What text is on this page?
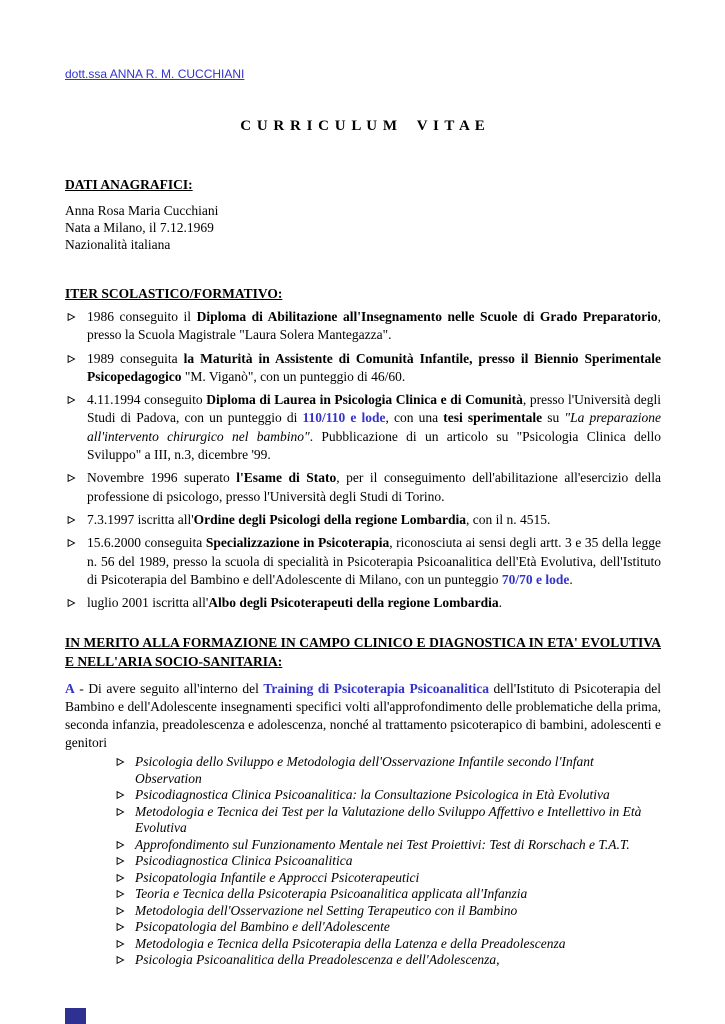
dott.ssa ANNA R. M. CUCCHIANI
C U R R I C U L U M    V I T A E
DATI ANAGRAFICI:

Anna Rosa Maria Cucchiani

Nata a Milano, il 7.12.1969

Nazionalità italiana

ITER SCOLASTICO/FORMATIVO:
1986 conseguito il Diploma di Abilitazione all'Insegnamento nelle Scuole di Grado Preparatorio, presso la Scuola Magistrale "Laura Solera Mantegazza".
1989 conseguita la Maturità in Assistente di Comunità Infantile, presso il Biennio Sperimentale Psicopedagogico "M. Viganò", con un punteggio di 46/60.
4.11.1994 conseguito Diploma di Laurea in Psicologia Clinica e di Comunità, presso l'Università degli Studi di Padova, con un punteggio di 110/110 e lode, con una tesi sperimentale su "La preparazione all'intervento chirurgico nel bambino". Pubblicazione di un articolo su "Psicologia Clinica dello Sviluppo" a III, n.3, dicembre '99.
Novembre 1996 superato l'Esame di Stato, per il conseguimento dell'abilitazione all'esercizio della professione di psicologo, presso l'Università degli Studi di Torino.
7.3.1997 iscritta all'Ordine degli Psicologi della regione Lombardia, con il n. 4515.
15.6.2000 conseguita Specializzazione in Psicoterapia, riconosciuta ai sensi degli artt. 3 e 35 della legge n. 56 del 1989, presso la scuola di specialità in Psicoterapia Psicoanalitica dell'Età Evolutiva, dell'Istituto di Psicoterapia del Bambino e dell'Adolescente di Milano, con un punteggio 70/70 e lode.
luglio 2001 iscritta all'Albo degli Psicoterapeuti della regione Lombardia.
IN MERITO ALLA FORMAZIONE IN CAMPO CLINICO E DIAGNOSTICA IN ETA' EVOLUTIVA E NELL'ARIA SOCIO-SANITARIA:

A - Di avere seguito all'interno del Training di Psicoterapia Psicoanalitica dell'Istituto di Psicoterapia del Bambino e dell'Adolescente insegnamenti specifici volti all'approfondimento delle problematiche della prima, seconda infanzia, preadolescenza e adolescenza, nonché al trattamento psicoterapico di bambini, adolescenti e genitori

Psicologia dello Sviluppo e Metodologia dell'Osservazione Infantile secondo l'Infant Observation
Psicodiagnostica Clinica Psicoanalitica: la Consultazione Psicologica in Età Evolutiva
Metodologia e Tecnica dei Test per la Valutazione dello Sviluppo Affettivo e Intellettivo in Età Evolutiva
Approfondimento sul Funzionamento Mentale nei Test Proiettivi: Test di Rorschach e T.A.T.
Psicodiagnostica Clinica Psicoanalitica
Psicopatologia Infantile e Approcci Psicoterapeutici
Teoria e Tecnica della Psicoterapia Psicoanalitica applicata all'Infanzia
Metodologia dell'Osservazione nel Setting Terapeutico con il Bambino
Psicopatologia del Bambino e dell'Adolescente
Metodologia e Tecnica della Psicoterapia della Latenza e della Preadolescenza
Psicologia Psicoanalitica della Preadolescenza e dell'Adolescenza,
